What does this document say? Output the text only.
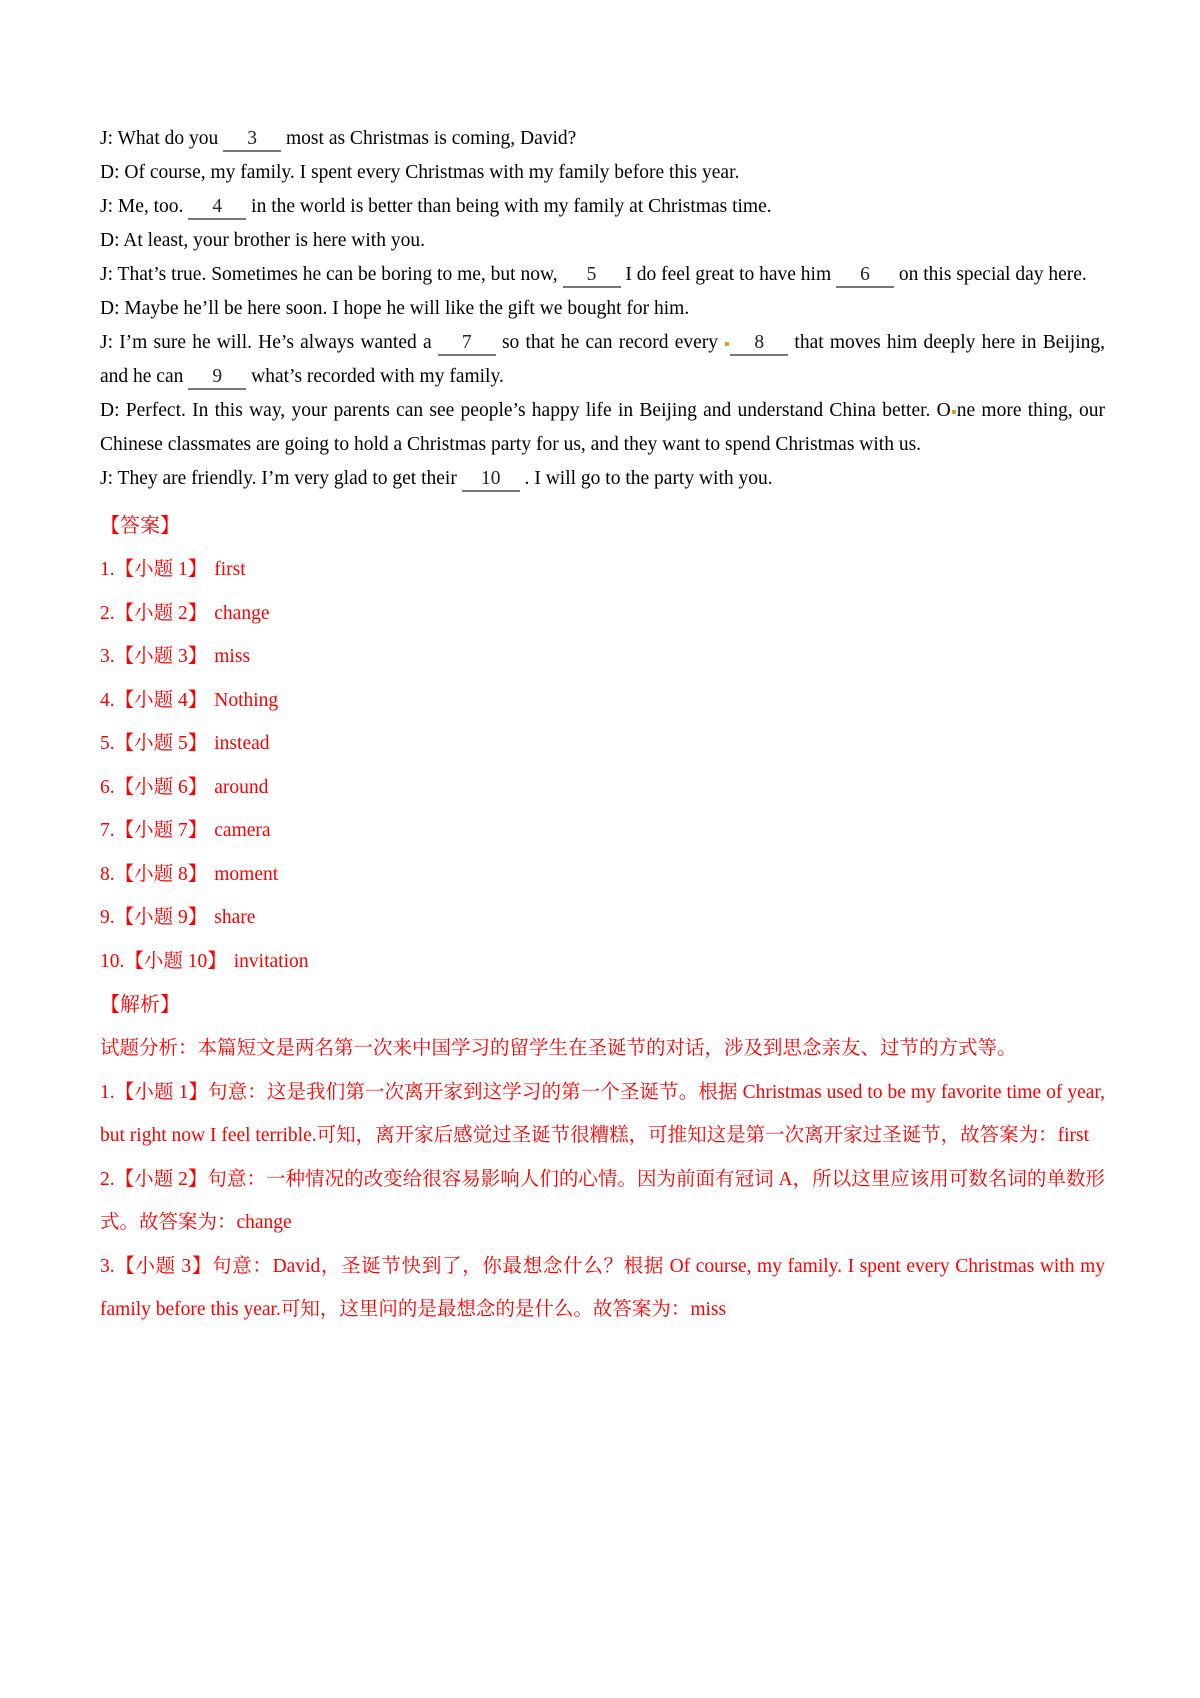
J: What do you 3 most as Christmas is coming, David?

D: Of course, my family. I spent every Christmas with my family before this year.

J: Me, too. 4 in the world is better than being with my family at Christmas time.

D: At least, your brother is here with you.

J: That’s true. Sometimes he can be boring to me, but now, 5 I do feel great to have him 6 on this special day here.

D: Maybe he’ll be here soon. I hope he will like the gift we bought for him.

J: I’m sure he will. He’s always wanted a 7 so that he can record every 8 that moves him deeply here in Beijing, and he can 9 what’s recorded with my family.

D: Perfect. In this way, your parents can see people’s happy life in Beijing and understand China better. O ne more thing, our Chinese classmates are going to hold a Christmas party for us, and they want to spend Christmas with us.

J: They are friendly. I’m very glad to get their 10 . I will go to the party with you.

【答案】

1.【小题 1】 first

2.【小题 2】 change

3.【小题 3】 miss

4.【小题 4】 Nothing

5.【小题 5】 instead

6.【小题 6】 around

7.【小题 7】 camera

8.【小题 8】 moment

9.【小题 9】 share

10.【小题 10】 invitation

【解析】

试题分析：本篇短文是两名第一次来中国学习的留学生在圣诞节的对话，涉及到思念亲友、过节的方式等。

1.【小题 1】句意：这是我们第一次离开家到这学习的第一个圣诞节。根据 Christmas used to be my favorite time of year, but right now I feel terrible.可知，离开家后感觉过圣诞节很糟糕，可推知这是第一次离开家过圣诞节，故答案为：first

2.【小题 2】句意：一种情况的改变给很容易影响人们的心情。因为前面有冠词 A，所以这里应该用可数名词的单数形式。故答案为：change

3.【小题 3】句意：David，圣诞节快到了，你最想念什么？根据 Of course, my family. I spent every Christmas with my family before this year.可知，这里问的是最想念的是什么。故答案为：miss
